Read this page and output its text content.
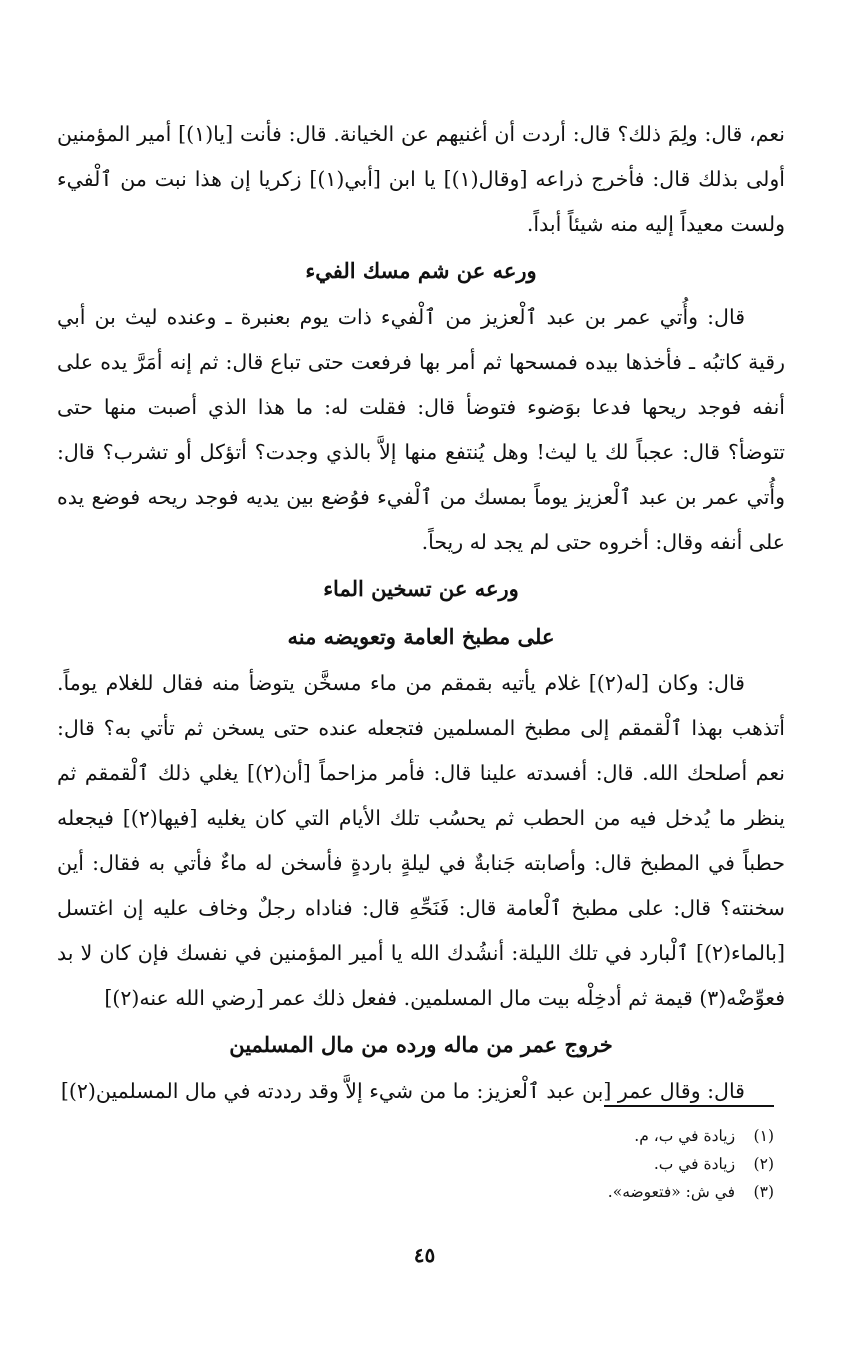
نعم، قال: ولِمَ ذلك؟ قال: أردت أن أغنيهم عن الخيانة. قال: فأنت [يا(١)] أمير المؤمنين أولى بذلك قال: فأخرج ذراعه [وقال(١)] يا ابن [أبي(١)] زكريا إن هذا نبت من ٱلْفيء ولست معيداً إليه منه شيئاً أبداً.

ورعه عن شم مسك الفيء

قال: وأُتي عمر بن عبد ٱلْعزيز من ٱلْفيء ذات يوم بعنبرة ـ وعنده ليث بن أبي رقية كاتبُه ـ فأخذها بيده فمسحها ثم أمر بها فرفعت حتى تباع قال: ثم إنه أمَرَّ يده على أنفه فوجد ريحها فدعا بوَضوء فتوضأ قال: فقلت له: ما هذا الذي أصبت منها حتى تتوضأ؟ قال: عجباً لك يا ليث! وهل يُنتفع منها إلاَّ بالذي وجدت؟ أتؤكل أو تشرب؟ قال: وأُتي عمر بن عبد ٱلْعزيز يوماً بمسك من ٱلْفيء فوُضع بين يديه فوجد ريحه فوضع يده على أنفه وقال: أخروه حتى لم يجد له ريحاً.

ورعه عن تسخين الماء
على مطبخ العامة وتعويضه منه

قال: وكان [له(٢)] غلام يأتيه بقمقم من ماء مسخَّن يتوضأ منه فقال للغلام يوماً. أتذهب بهذا ٱلْقمقم إلى مطبخ المسلمين فتجعله عنده حتى يسخن ثم تأتي به؟ قال: نعم أصلحك الله. قال: أفسدته علينا قال: فأمر مزاحماً [أن(٢)] يغلي ذلك ٱلْقمقم ثم ينظر ما يُدخل فيه من الحطب ثم يحسُب تلك الأيام التي كان يغليه [فيها(٢)] فيجعله حطباً في المطبخ قال: وأصابته جَنابةٌ في ليلةٍ باردةٍ فأسخن له ماءٌ فأتي به فقال: أين سخنته؟ قال: على مطبخ ٱلْعامة قال: فَنَحِّهِ قال: فناداه رجلٌ وخاف عليه إن اغتسل [بالماء(٢)] ٱلْبارد في تلك الليلة: أنشُدك الله يا أمير المؤمنين في نفسك فإن كان لا بد فعوِّضْه(٣) قيمة ثم أدخِلْه بيت مال المسلمين. ففعل ذلك عمر [رضي الله عنه(٢)]

خروج عمر من ماله ورده من مال المسلمين

قال: وقال عمر [بن عبد ٱلْعزيز: ما من شيء إلاَّ وقد رددته في مال المسلمين(٢)]

(١) زيادة في ب، م.
(٢) زيادة في ب.
(٣) في ش: «فتعوضه».
٤٥
